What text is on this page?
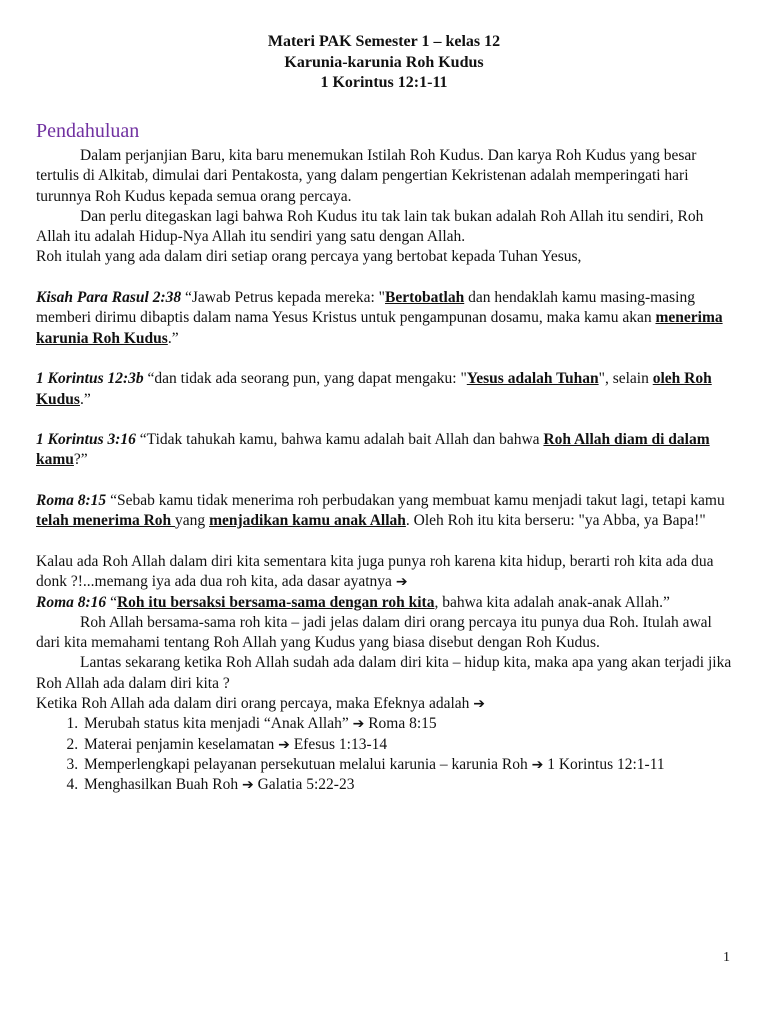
Materi PAK Semester 1 – kelas 12
Karunia-karunia Roh Kudus
1 Korintus 12:1-11
Pendahuluan

Dalam perjanjian Baru, kita baru menemukan Istilah Roh Kudus. Dan karya Roh Kudus yang besar tertulis di Alkitab, dimulai dari Pentakosta, yang dalam pengertian Kekristenan adalah memperingati hari turunnya Roh Kudus kepada semua orang percaya.

Dan perlu ditegaskan lagi bahwa Roh Kudus itu tak lain tak bukan adalah Roh Allah itu sendiri, Roh Allah itu adalah Hidup-Nya Allah itu sendiri yang satu dengan Allah.

Roh itulah yang ada dalam diri setiap orang percaya yang bertobat kepada Tuhan Yesus,

Kisah Para Rasul 2:38 “Jawab Petrus kepada mereka: "Bertobatlah dan hendaklah kamu masing-masing memberi dirimu dibaptis dalam nama Yesus Kristus untuk pengampunan dosamu, maka kamu akan menerima karunia Roh Kudus.”

1 Korintus 12:3b “dan tidak ada seorang pun, yang dapat mengaku: "Yesus adalah Tuhan", selain oleh Roh Kudus.”

1 Korintus 3:16 “Tidak tahukah kamu, bahwa kamu adalah bait Allah dan bahwa Roh Allah diam di dalam kamu?”

Roma 8:15 “Sebab kamu tidak menerima roh perbudakan yang membuat kamu menjadi takut lagi, tetapi kamu telah menerima Roh yang menjadikan kamu anak Allah. Oleh Roh itu kita berseru: "ya Abba, ya Bapa!"

Kalau ada Roh Allah dalam diri kita sementara kita juga punya roh karena kita hidup, berarti roh kita ada dua donk ?!...memang iya ada dua roh kita, ada dasar ayatnya ➔

Roma 8:16 “Roh itu bersaksi bersama-sama dengan roh kita, bahwa kita adalah anak-anak Allah.”

Roh Allah bersama-sama roh kita – jadi jelas dalam diri orang percaya itu punya dua Roh. Itulah awal dari kita memahami tentang Roh Allah yang Kudus yang biasa disebut dengan Roh Kudus.

Lantas sekarang ketika Roh Allah sudah ada dalam diri kita – hidup kita, maka apa yang akan terjadi jika Roh Allah ada dalam diri kita ?

Ketika Roh Allah ada dalam diri orang percaya, maka Efeknya adalah ➔

1. Merubah status kita menjadi “Anak Allah” ➔ Roma 8:15
2. Materai penjamin keselamatan ➔ Efesus 1:13-14
3. Memperlengkapi pelayanan persekutuan melalui karunia – karunia Roh ➔ 1 Korintus 12:1-11
4. Menghasilkan Buah Roh ➔ Galatia 5:22-23
1
